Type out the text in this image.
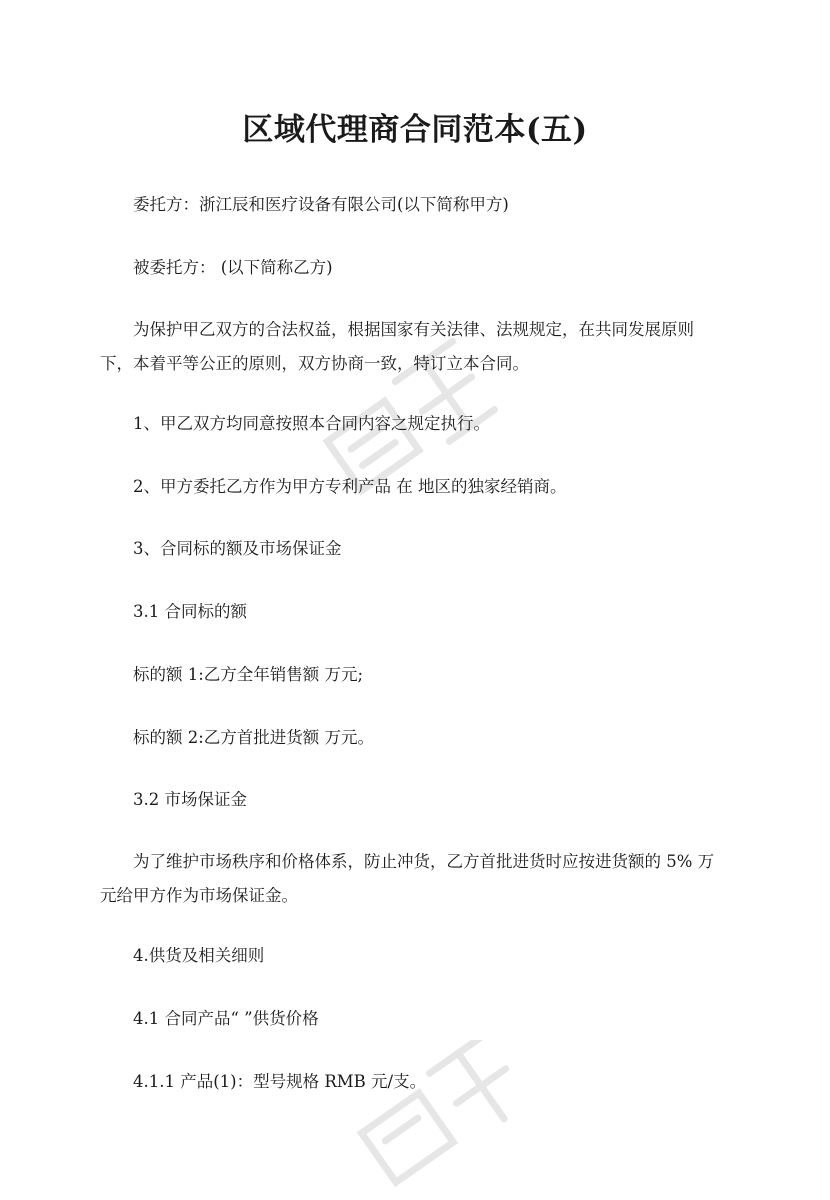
区域代理商合同范本(五)
委托方：浙江辰和医疗设备有限公司(以下简称甲方)
被委托方： (以下简称乙方)
为保护甲乙双方的合法权益，根据国家有关法律、法规规定，在共同发展原则
下，本着平等公正的原则，双方协商一致，特订立本合同。
1、甲乙双方均同意按照本合同内容之规定执行。
2、甲方委托乙方作为甲方专利产品 在 地区的独家经销商。
3、合同标的额及市场保证金
3.1 合同标的额
标的额 1:乙方全年销售额 万元;
标的额 2:乙方首批进货额 万元。
3.2 市场保证金
为了维护市场秩序和价格体系，防止冲货，乙方首批进货时应按进货额的 5% 万
元给甲方作为市场保证金。
4.供货及相关细则
4.1 合同产品“ ”供货价格
4.1.1 产品(1)：型号规格 RMB 元/支。
